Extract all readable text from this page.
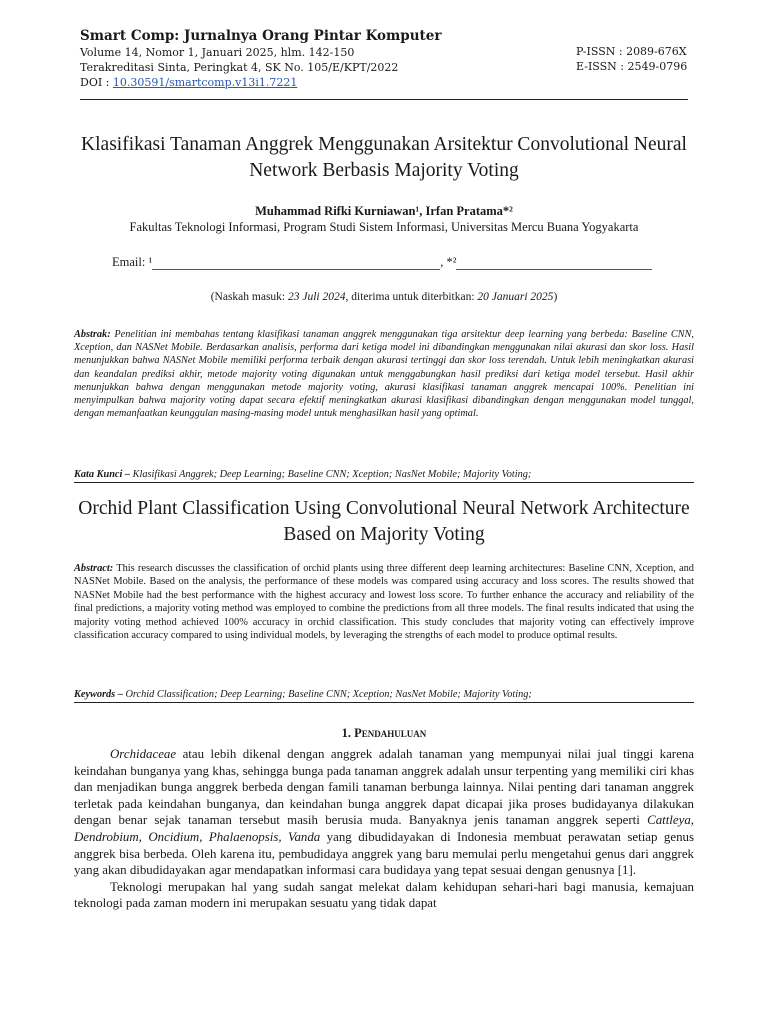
Smart Comp: Jurnalnya Orang Pintar Komputer
Volume 14, Nomor 1, Januari 2025, hlm. 142-150
Terakreditasi Sinta, Peringkat 4, SK No. 105/E/KPT/2022
DOI : 10.30591/smartcomp.v13i1.7221
P-ISSN : 2089-676X
E-ISSN : 2549-0796
Klasifikasi Tanaman Anggrek Menggunakan Arsitektur Convolutional Neural Network Berbasis Majority Voting
Muhammad Rifki Kurniawan¹, Irfan Pratama*²
Fakultas Teknologi Informasi, Program Studi Sistem Informasi, Universitas Mercu Buana Yogyakarta
Email: ¹	, *²
(Naskah masuk: 23 Juli 2024, diterima untuk diterbitkan: 20 Januari 2025)
Abstrak: Penelitian ini membahas tentang klasifikasi tanaman anggrek menggunakan tiga arsitektur deep learning yang berbeda: Baseline CNN, Xception, dan NASNet Mobile. Berdasarkan analisis, performa dari ketiga model ini dibandingkan menggunakan nilai akurasi dan skor loss. Hasil menunjukkan bahwa NASNet Mobile memiliki performa terbaik dengan akurasi tertinggi dan skor loss terendah. Untuk lebih meningkatkan akurasi dan keandalan prediksi akhir, metode majority voting digunakan untuk menggabungkan hasil prediksi dari ketiga model tersebut. Hasil akhir menunjukkan bahwa dengan menggunakan metode majority voting, akurasi klasifikasi tanaman anggrek mencapai 100%. Penelitian ini menyimpulkan bahwa majority voting dapat secara efektif meningkatkan akurasi klasifikasi dibandingkan dengan menggunakan model tunggal, dengan memanfaatkan keunggulan masing-masing model untuk menghasilkan hasil yang optimal.
Kata Kunci – Klasifikasi Anggrek; Deep Learning; Baseline CNN; Xception; NasNet Mobile; Majority Voting;
Orchid Plant Classification Using Convolutional Neural Network Architecture Based on Majority Voting
Abstract: This research discusses the classification of orchid plants using three different deep learning architectures: Baseline CNN, Xception, and NASNet Mobile. Based on the analysis, the performance of these models was compared using accuracy and loss scores. The results showed that NASNet Mobile had the best performance with the highest accuracy and lowest loss score. To further enhance the accuracy and reliability of the final predictions, a majority voting method was employed to combine the predictions from all three models. The final results indicated that using the majority voting method achieved 100% accuracy in orchid classification. This study concludes that majority voting can effectively improve classification accuracy compared to using individual models, by leveraging the strengths of each model to produce optimal results.
Keywords – Orchid Classification; Deep Learning; Baseline CNN; Xception; NasNet Mobile; Majority Voting;
1. Pendahuluan

Orchidaceae atau lebih dikenal dengan anggrek adalah tanaman yang mempunyai nilai jual tinggi karena keindahan bunganya yang khas, sehingga bunga pada tanaman anggrek adalah unsur terpenting yang memiliki ciri khas dan menjadikan bunga anggrek berbeda dengan famili tanaman berbunga lainnya. Nilai penting dari tanaman anggrek terletak pada keindahan bunganya, dan keindahan bunga anggrek dapat dicapai jika proses budidayanya dilakukan dengan benar sejak tanaman tersebut masih berusia muda. Banyaknya jenis tanaman anggrek seperti Cattleya, Dendrobium, Oncidium, Phalaenopsis, Vanda yang dibudidayakan di Indonesia membuat perawatan setiap genus anggrek bisa berbeda. Oleh karena itu, pembudidaya anggrek yang baru memulai perlu mengetahui genus dari anggrek yang akan dibudidayakan agar mendapatkan informasi cara budidaya yang tepat sesuai dengan genusnya [1].

Teknologi merupakan hal yang sudah sangat melekat dalam kehidupan sehari-hari bagi manusia, kemajuan teknologi pada zaman modern ini merupakan sesuatu yang tidak dapat
